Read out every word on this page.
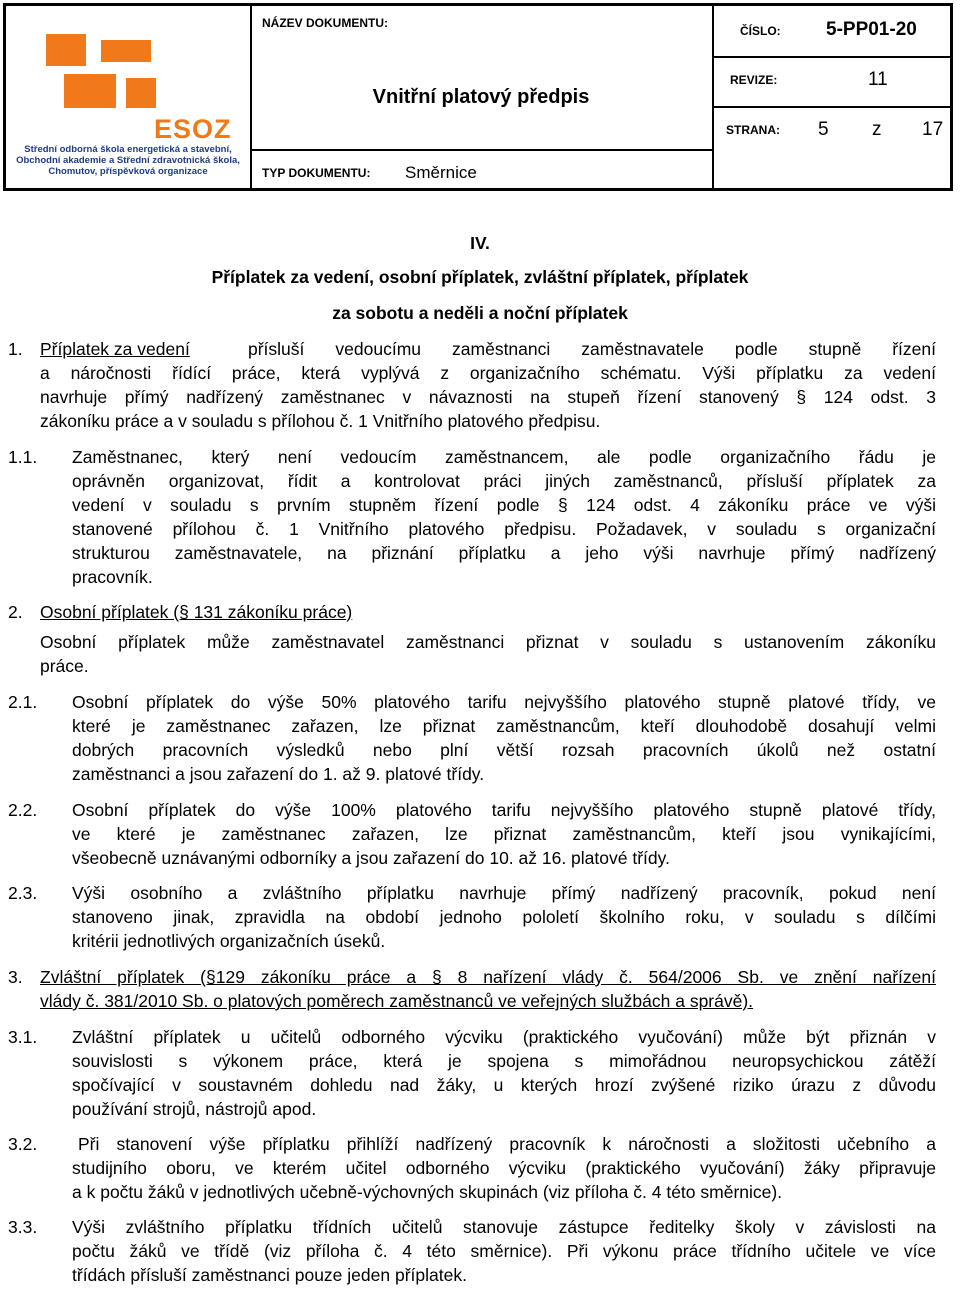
ESOZ
Střední odborná škola energetická a stavební,
Obchodní akademie a Střední zdravotnická škola,
Chomutov, příspěvková organizace
NÁZEV DOKUMENTU:
Vnitřní platový předpis
TYP DOKUMENTU: Směrnice
ČÍSLO: 5-PP01-20
REVIZE:	11
STRANA: 5 z 17
IV.
Příplatek za vedení, osobní příplatek, zvláštní příplatek, příplatek
za sobotu a neděli a noční příplatek
1. Příplatek za vedení	přísluší vedoucímu zaměstnanci zaměstnavatele podle stupně řízení
a náročnosti řídící práce, která vyplývá z organizačního schématu. Výši příplatku za vedení
navrhuje přímý nadřízený zaměstnanec v návaznosti na stupeň řízení stanovený § 124 odst. 3
zákoníku práce a v souladu s přílohou č. 1 Vnitřního platového předpisu.
1.1. Zaměstnanec, který není vedoucím zaměstnancem, ale podle organizačního řádu je
oprávněn organizovat, řídit a kontrolovat práci jiných zaměstnanců, přísluší příplatek za
vedení v souladu s prvním stupněm řízení podle § 124 odst. 4 zákoníku práce ve výši
stanovené přílohou č. 1 Vnitřního platového předpisu. Požadavek, v souladu s organizační
strukturou zaměstnavatele, na přiznání příplatku a jeho výši navrhuje přímý nadřízený
pracovník.
2. Osobní příplatek (§ 131 zákoníku práce)
Osobní příplatek může zaměstnavatel zaměstnanci přiznat v souladu s ustanovením zákoníku
práce.
2.1. Osobní příplatek do výše 50% platového tarifu nejvyššího platového stupně platové třídy, ve
které je zaměstnanec zařazen, lze přiznat zaměstnancům, kteří dlouhodobě dosahují velmi
dobrých pracovních výsledků nebo plní větší rozsah pracovních úkolů než ostatní
zaměstnanci a jsou zařazení do 1. až 9. platové třídy.
2.2. Osobní příplatek do výše 100% platového tarifu nejvyššího platového stupně platové třídy,
ve které je zaměstnanec zařazen, lze přiznat zaměstnancům, kteří jsou vynikajícími,
všeobecně uznávanými odborníky a jsou zařazení do 10. až 16. platové třídy.
2.3. Výši osobního a zvláštního příplatku navrhuje přímý nadřízený pracovník, pokud není
stanoveno jinak, zpravidla na období jednoho pololetí školního roku, v souladu s dílčími
kritérii jednotlivých organizačních úseků.
3. Zvláštní příplatek (§129 zákoníku práce a § 8 nařízení vlády č. 564/2006 Sb. ve znění nařízení
vlády č. 381/2010 Sb. o platových poměrech zaměstnanců ve veřejných službách a správě).
3.1. Zvláštní příplatek u učitelů odborného výcviku (praktického vyučování) může být přiznán v
souvislosti s výkonem práce, která je spojena s mimořádnou neuropsychickou zátěží
spočívající v soustavném dohledu nad žáky, u kterých hrozí zvýšené riziko úrazu z důvodu
používání strojů, nástrojů apod.
3.2. Při stanovení výše příplatku přihlíží nadřízený pracovník k náročnosti a složitosti učebního a
studijního oboru, ve kterém učitel odborného výcviku (praktického vyučování) žáky připravuje
a k počtu žáků v jednotlivých učebně-výchovných skupinách (viz příloha č. 4 této směrnice).
3.3. Výši zvláštního příplatku třídních učitelů stanovuje zástupce ředitelky školy v závislosti na
počtu žáků ve třídě (viz příloha č. 4 této směrnice). Při výkonu práce třídního učitele ve více
třídách přísluší zaměstnanci pouze jeden příplatek.
